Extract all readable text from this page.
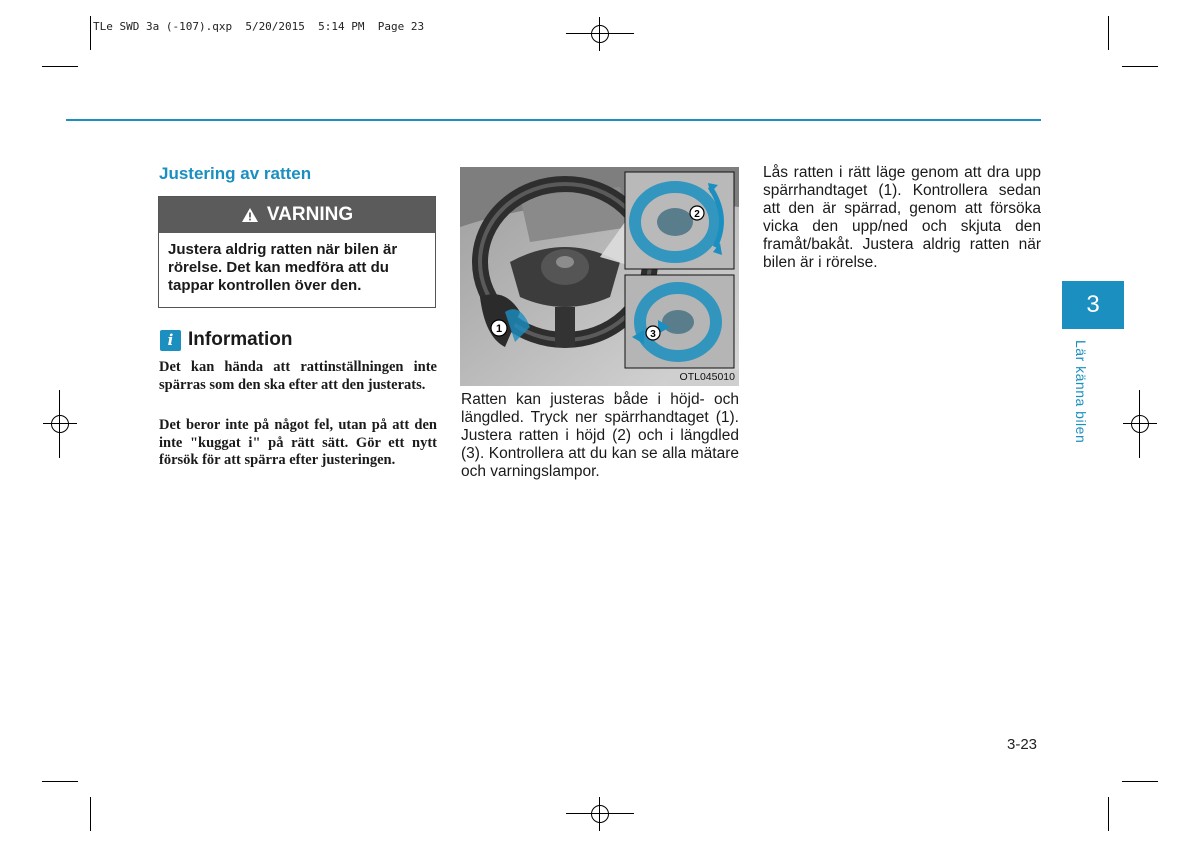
TLe SWD 3a (-107).qxp  5/20/2015  5:14 PM  Page 23
Justering av ratten
VARNING
Justera aldrig ratten när bilen är rörelse. Det kan medföra att du tappar kontrollen över den.
i Information
Det kan hända att rattinställningen inte spärras som den ska efter att den justerats.
Det beror inte på något fel, utan på att den inte "kuggat i" på rätt sätt. Gör ett nytt försök för att spärra efter justeringen.
1
2
3
OTL045010
Ratten kan justeras både i höjd- och längdled. Tryck ner spärrhandtaget (1). Justera ratten i höjd (2) och i längdled (3). Kontrollera att du kan se alla mätare och varningslampor.
Lås ratten i rätt läge genom att dra upp spärrhandtaget (1). Kontrollera sedan att den är spärrad, genom att försöka vicka den upp/ned och skjuta den framåt/bakåt. Justera aldrig ratten när bilen är i rörelse.
3
Lär känna bilen
3-23
